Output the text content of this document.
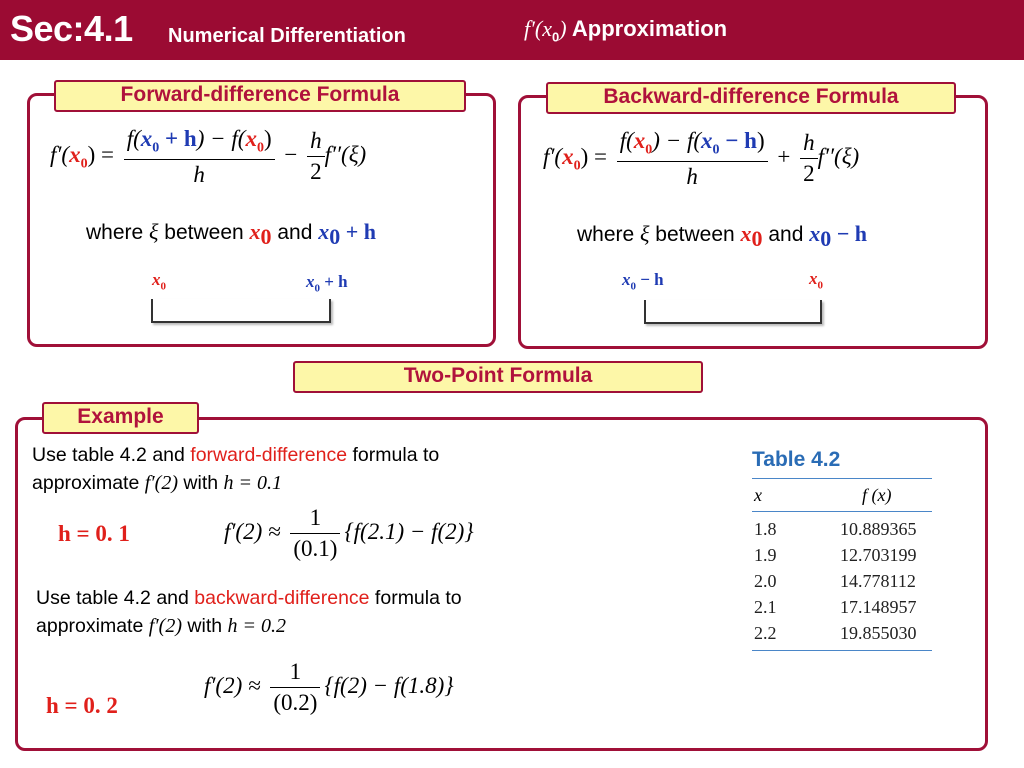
Sec:4.1 Numerical Differentiation	$f'(x_0)$ Approximation
Forward-difference Formula
$f'(x_0) = \frac{f(x_0 + h) - f(x_0)}{h} - \frac{h}{2} f''(\xi)$
where ξ between $x_0$ and $x_0 + h$
$x_0$	$x_0 + h$
Backward-difference Formula
$f'(x_0) = \frac{f(x_0) - f(x_0 - h)}{h} + \frac{h}{2} f''(\xi)$
where ξ between $x_0$ and $x_0 - h$
$x_0 - h$	$x_0$
Two-Point Formula
Example
Use table 4.2 and forward-difference formula to
approximate f′(2) with h = 0.1
h = 0. 1	$f'(2) \approx \frac{1}{(0.1)} \{f(2.1) - f(2)\}$
Use table 4.2 and backward-difference formula to
approximate f′(2) with h = 0.2
h = 0. 2
$f'(2) \approx \frac{1}{(0.2)} \{f(2) - f(1.8)\}$
Table 4.2
x	f (x)
1.8	10.889365
1.9	12.703199
2.0	14.778112
2.1	17.148957
2.2	19.855030
